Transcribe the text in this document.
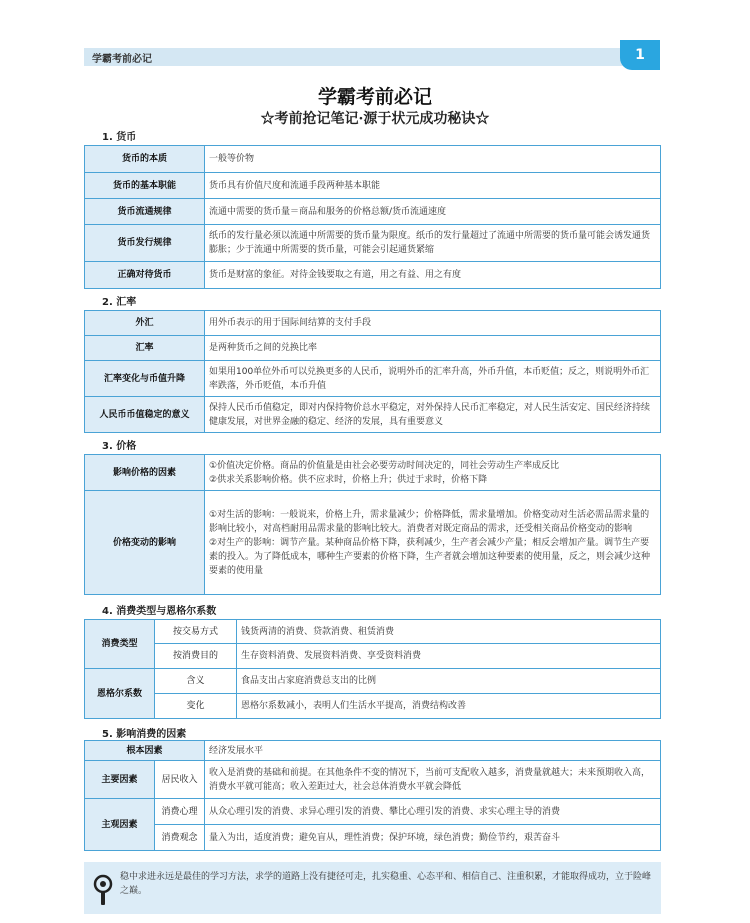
学霸考前必记	1
学霸考前必记
☆考前抢记笔记·源于状元成功秘诀☆
1. 货币
货币的本质	一般等价物
货币的基本职能	货币具有价值尺度和流通手段两种基本职能
货币流通规律	流通中需要的货币量＝商品和服务的价格总额/货币流通速度
货币发行规律	纸币的发行量必须以流通中所需要的货币量为限度。纸币的发行量超过了流通中所需要的货币量可能会诱发通货膨胀；少于流通中所需要的货币量，可能会引起通货紧缩
正确对待货币	货币是财富的象征。对待金钱要取之有道，用之有益、用之有度
2. 汇率
外汇	用外币表示的用于国际间结算的支付手段
汇率	是两种货币之间的兑换比率
汇率变化与币值升降	如果用100单位外币可以兑换更多的人民币，说明外币的汇率升高，外币升值，本币贬值；反之，则说明外币汇率跌落，外币贬值，本币升值
人民币币值稳定的意义	保持人民币币值稳定，即对内保持物价总水平稳定，对外保持人民币汇率稳定，对人民生活安定、国民经济持续健康发展，对世界金融的稳定、经济的发展，具有重要意义
3. 价格
影响价格的因素	①价值决定价格。商品的价值量是由社会必要劳动时间决定的，同社会劳动生产率成反比
②供求关系影响价格。供不应求时，价格上升；供过于求时，价格下降
价格变动的影响	①对生活的影响：一般说来，价格上升，需求量减少；价格降低，需求量增加。价格变动对生活必需品需求量的影响比较小，对高档耐用品需求量的影响比较大。消费者对既定商品的需求，还受相关商品价格变动的影响
②对生产的影响：调节产量。某种商品价格下降，获利减少，生产者会减少产量；相反会增加产量。调节生产要素的投入。为了降低成本，哪种生产要素的价格下降，生产者就会增加这种要素的使用量，反之，则会减少这种要素的使用量
4. 消费类型与恩格尔系数
消费类型	按交易方式	钱货两清的消费、贷款消费、租赁消费
	按消费目的	生存资料消费、发展资料消费、享受资料消费
恩格尔系数	含义	食品支出占家庭消费总支出的比例
	变化	恩格尔系数减小，表明人们生活水平提高，消费结构改善
5. 影响消费的因素
根本因素		经济发展水平
主要因素	居民收入	收入是消费的基础和前提。在其他条件不变的情况下，当前可支配收入越多，消费量就越大；未来预期收入高，消费水平就可能高；收入差距过大，社会总体消费水平就会降低
主观因素	消费心理	从众心理引发的消费、求异心理引发的消费、攀比心理引发的消费、求实心理主导的消费
	消费观念	量入为出，适度消费；避免盲从，理性消费；保护环境，绿色消费；勤俭节约，艰苦奋斗
稳中求进永远是最佳的学习方法，求学的道路上没有捷径可走，扎实稳重、心态平和、相信自己、注重积累，才能取得成功，立于险峰之巅。
